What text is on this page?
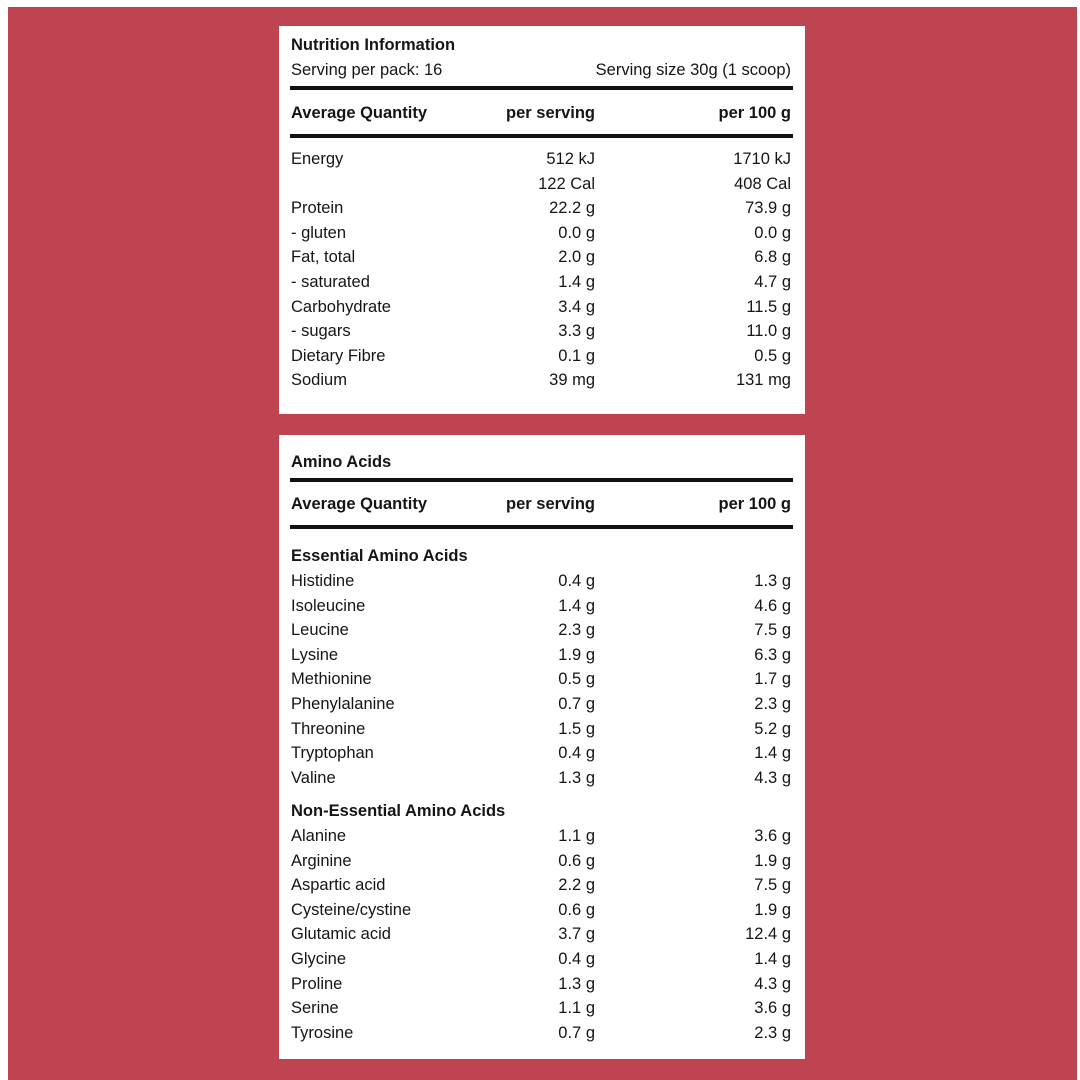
Nutrition Information
Serving per pack: 16	Serving size 30g (1 scoop)
Average Quantity	per serving	per 100 g
Energy	512 kJ	1710 kJ
122 Cal	408 Cal
Protein	22.2 g	73.9 g
- gluten	0.0 g	0.0 g
Fat, total	2.0 g	6.8 g
- saturated	1.4 g	4.7 g
Carbohydrate	3.4 g	11.5 g
- sugars	3.3 g	11.0 g
Dietary Fibre	0.1 g	0.5 g
Sodium	39 mg	131 mg
Amino Acids
Average Quantity	per serving	per 100 g
Essential Amino Acids
Histidine	0.4 g	1.3 g
Isoleucine	1.4 g	4.6 g
Leucine	2.3 g	7.5 g
Lysine	1.9 g	6.3 g
Methionine	0.5 g	1.7 g
Phenylalanine	0.7 g	2.3 g
Threonine	1.5 g	5.2 g
Tryptophan	0.4 g	1.4 g
Valine	1.3 g	4.3 g
Non-Essential Amino Acids
Alanine	1.1 g	3.6 g
Arginine	0.6 g	1.9 g
Aspartic acid	2.2 g	7.5 g
Cysteine/cystine	0.6 g	1.9 g
Glutamic acid	3.7 g	12.4 g
Glycine	0.4 g	1.4 g
Proline	1.3 g	4.3 g
Serine	1.1 g	3.6 g
Tyrosine	0.7 g	2.3 g
